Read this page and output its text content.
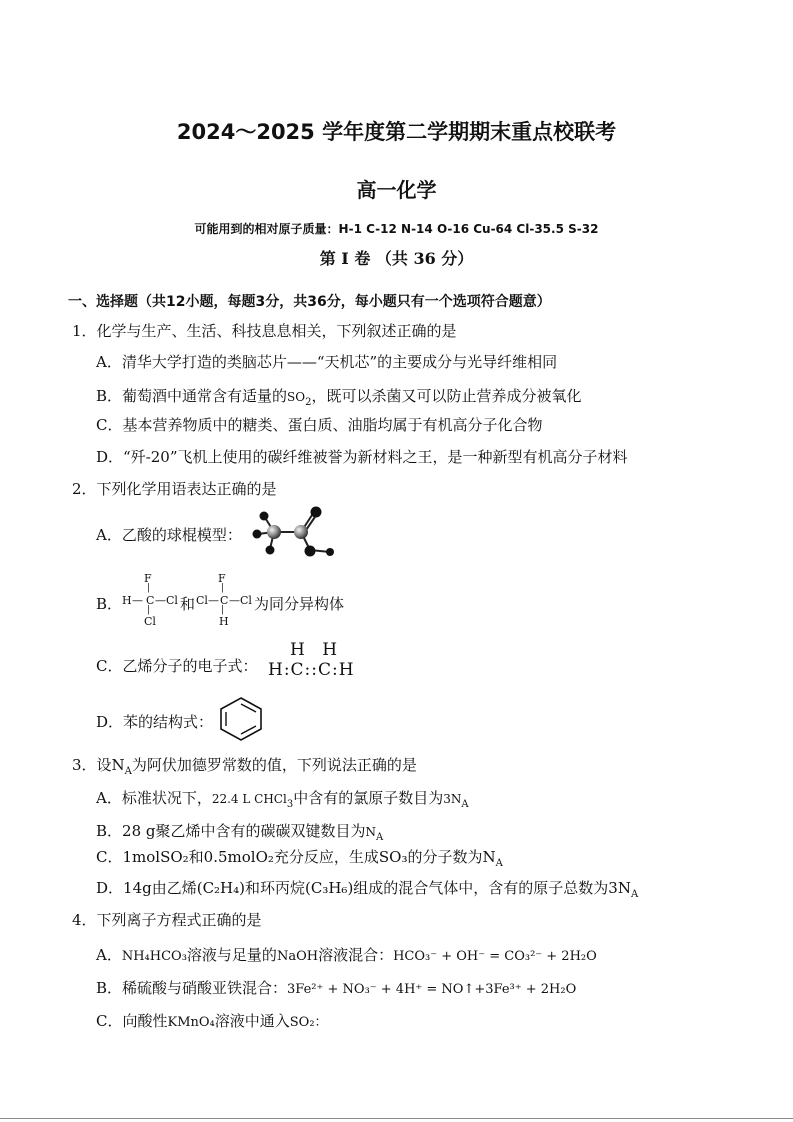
2024～2025 学年度第二学期期末重点校联考
高一化学
可能用到的相对原子质量：H-1 C-12 N-14 O-16 Cu-64 Cl-35.5 S-32
第 Ⅰ 卷 （共 36 分）
一、选择题（共12小题，每题3分，共36分，每小题只有一个选项符合题意）
1．化学与生产、生活、科技息息相关，下列叙述正确的是
A．清华大学打造的类脑芯片——“天机芯”的主要成分与光导纤维相同
B．葡萄酒中通常含有适量的$SO_2$，既可以杀菌又可以防止营养成分被氧化
C．基本营养物质中的糖类、蛋白质、油脂均属于有机高分子化合物
D．“歼-20”飞机上使用的碳纤维被誉为新材料之王，是一种新型有机高分子材料
2．下列化学用语表达正确的是
A．乙酸的球棍模型：
B．
F
|
H — C — Cl
|
Cl
和
F
|
Cl — C — Cl
|
H
为同分异构体
C．乙烯分子的电子式：
H H
H:C::C:H
D．苯的结构式：
3．设$N_A$为阿伏加德罗常数的值，下列说法正确的是
A．标准状况下，22.4 L CHCl$_3$中含有的氯原子数目为$3N_A$
B．28 g聚乙烯中含有的碳碳双键数目为$N_A$
C．1molSO₂和0.5molO₂充分反应，生成SO₃的分子数为$N_A$
D．14g由乙烯(C₂H₄)和环丙烷(C₃H₆)组成的混合气体中，含有的原子总数为$3N_A$
4．下列离子方程式正确的是
A．NH₄HCO₃溶液与足量的NaOH溶液混合：HCO₃⁻ + OH⁻ = CO₃²⁻ + 2H₂O
B．稀硫酸与硝酸亚铁混合：3Fe²⁺ + NO₃⁻ + 4H⁺ = NO↑+3Fe³⁺ + 2H₂O
C．向酸性KMnO₄溶液中通入SO₂：
